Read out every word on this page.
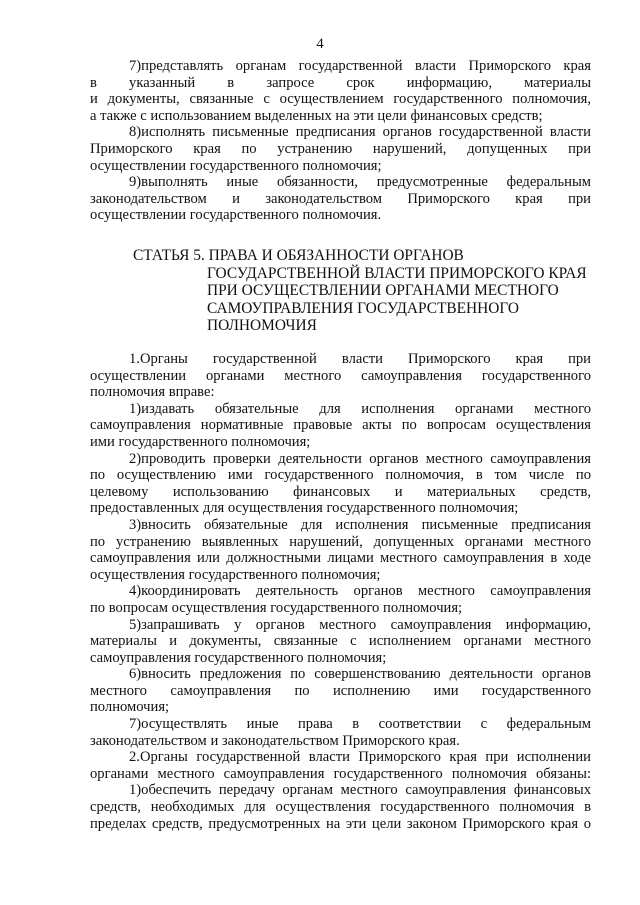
4
7)представлять органам государственной власти Приморского края
в указанный в запросе срок информацию, материалы
и документы, связанные с осуществлением государственного полномочия,
а также с использованием выделенных на эти цели финансовых средств;
8)исполнять письменные предписания органов государственной власти
Приморского края по устранению нарушений, допущенных при
осуществлении государственного полномочия;
9)выполнять иные обязанности, предусмотренные федеральным
законодательством и законодательством Приморского края при
осуществлении государственного полномочия.
СТАТЬЯ 5. ПРАВА И ОБЯЗАННОСТИ ОРГАНОВ
ГОСУДАРСТВЕННОЙ ВЛАСТИ ПРИМОРСКОГО КРАЯ
ПРИ ОСУЩЕСТВЛЕНИИ ОРГАНАМИ МЕСТНОГО
САМОУПРАВЛЕНИЯ ГОСУДАРСТВЕННОГО
ПОЛНОМОЧИЯ
1.Органы государственной власти Приморского края при
осуществлении органами местного самоуправления государственного
полномочия вправе:
1)издавать обязательные для исполнения органами местного
самоуправления нормативные правовые акты по вопросам осуществления
ими государственного полномочия;
2)проводить проверки деятельности органов местного самоуправления
по осуществлению ими государственного полномочия, в том числе по
целевому использованию финансовых и материальных средств,
предоставленных для осуществления государственного полномочия;
3)вносить обязательные для исполнения письменные предписания
по устранению выявленных нарушений, допущенных органами местного
самоуправления или должностными лицами местного самоуправления в ходе
осуществления государственного полномочия;
4)координировать деятельность органов местного самоуправления
по вопросам осуществления государственного полномочия;
5)запрашивать у органов местного самоуправления информацию,
материалы и документы, связанные с исполнением органами местного
самоуправления государственного полномочия;
6)вносить предложения по совершенствованию деятельности органов
местного самоуправления по исполнению ими государственного
полномочия;
7)осуществлять иные права в соответствии с федеральным
законодательством и законодательством Приморского края.
2.Органы государственной власти Приморского края при исполнении
органами местного самоуправления государственного полномочия обязаны:
1)обеспечить передачу органам местного самоуправления финансовых
средств, необходимых для осуществления государственного полномочия в
пределах средств, предусмотренных на эти цели законом Приморского края о
